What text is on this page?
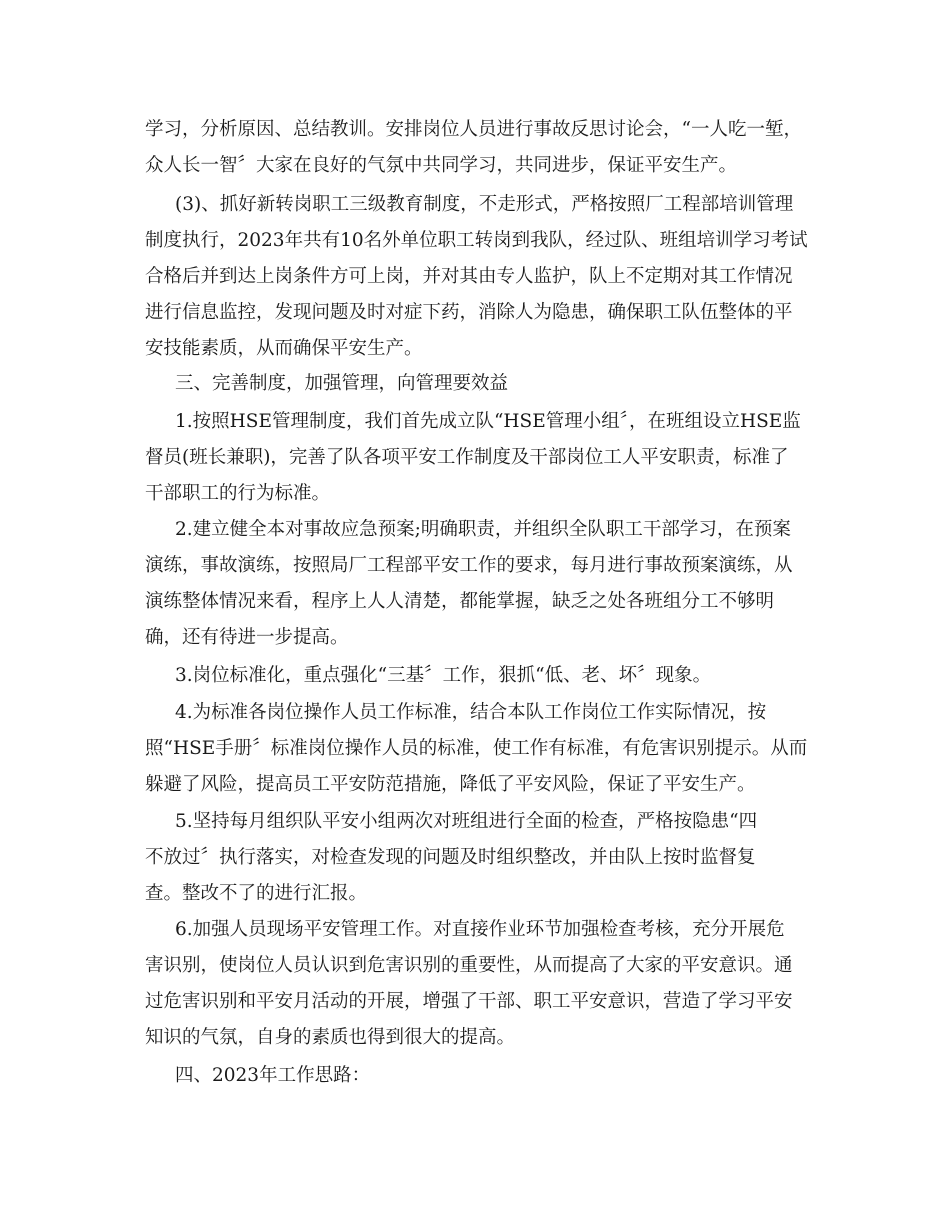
学习，分析原因、总结教训。安排岗位人员进行事故反思讨论会，“一人吃一堑，
众人长一智〞大家在良好的气氛中共同学习，共同进步，保证平安生产。
(3)、抓好新转岗职工三级教育制度，不走形式，严格按照厂工程部培训管理
制度执行，2023年共有10名外单位职工转岗到我队，经过队、班组培训学习考试
合格后并到达上岗条件方可上岗，并对其由专人监护，队上不定期对其工作情况
进行信息监控，发现问题及时对症下药，消除人为隐患，确保职工队伍整体的平
安技能素质，从而确保平安生产。
三、完善制度，加强管理，向管理要效益
1.按照HSE管理制度，我们首先成立队“HSE管理小组〞，在班组设立HSE监
督员(班长兼职)，完善了队各项平安工作制度及干部岗位工人平安职责，标准了
干部职工的行为标准。
2.建立健全本对事故应急预案;明确职责，并组织全队职工干部学习，在预案
演练，事故演练，按照局厂工程部平安工作的要求，每月进行事故预案演练，从
演练整体情况来看，程序上人人清楚，都能掌握，缺乏之处各班组分工不够明
确，还有待进一步提高。
3.岗位标准化，重点强化“三基〞工作，狠抓“低、老、坏〞现象。
4.为标准各岗位操作人员工作标准，结合本队工作岗位工作实际情况，按
照“HSE手册〞标准岗位操作人员的标准，使工作有标准，有危害识别提示。从而
躲避了风险，提高员工平安防范措施，降低了平安风险，保证了平安生产。
5.坚持每月组织队平安小组两次对班组进行全面的检查，严格按隐患“四
不放过〞执行落实，对检查发现的问题及时组织整改，并由队上按时监督复
查。整改不了的进行汇报。
6.加强人员现场平安管理工作。对直接作业环节加强检查考核，充分开展危
害识别，使岗位人员认识到危害识别的重要性，从而提高了大家的平安意识。通
过危害识别和平安月活动的开展，增强了干部、职工平安意识，营造了学习平安
知识的气氛，自身的素质也得到很大的提高。
四、2023年工作思路：
